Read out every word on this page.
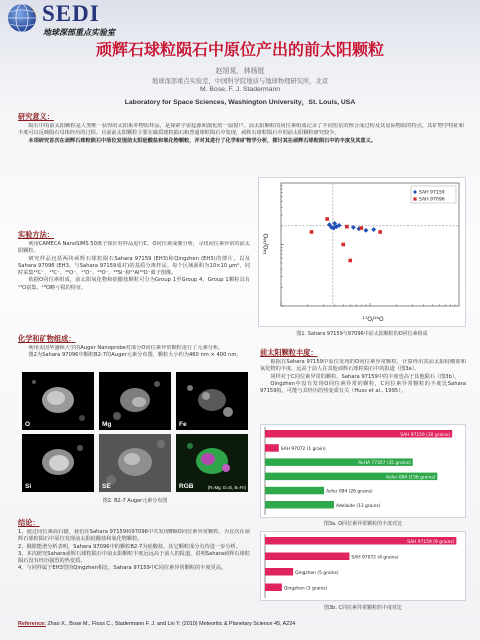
SEDI
地球深部重点实验室
顽辉石球粒陨石中原位产出的前太阳颗粒
赵旭晁，林杨挺
地球深部重点实验室，中国科学院地质与地球物理研究所，北京
M. Bose, F. J. Stadermann
Laboratory for Space Sciences, Washington University，St. Louis, USA
研究意义：

陨石中的前太阳颗粒是人类唯一获得的太阳系外物质样品，是探索宇宙起源和演化的一扇窗户。前太阳颗粒的同位素组成记录了不同恒星的核合成过程及其星际物质的特点，其矿物学特征和丰度可以反映陨石母体经历的过程。目前前太阳颗粒主要在碳质球粒陨石和普通球粒陨石中发现，顽辉石球粒陨石中的前太阳颗粒研究较少。

本项研究首次在顽辉石球粒陨石中原位发现前太阳硅酸盐和氧化物颗粒，并对其进行了化学和矿物学分析，探讨其在顽辉石球粒陨石中的丰度及其意义。

实验方法：

利用CAMECA NanoSIMS 50离子探针对样品进行C、O同位素成像分析，寻找同位素异常的前太阳颗粒。

研究样品包括两块顽辉石球粒陨石Sahara 97159 (EH3)和Qingzhen (EH3)的薄片，以及Sahara 97096 (EH3，与Sahara 97159成对)的基质分离样品。每个区域面积为10×10 μm²，同时采集¹²C⁻、¹³C⁻、¹⁶O⁻、¹⁷O⁻、¹⁸O⁻、²⁸Si⁻和²⁷Al¹⁶O⁻离子图像。

依据O同位素组成，前太阳氧化物和硅酸盐颗粒可分为Group 1至Group 4，Group 1颗粒具有¹⁷O富集、¹⁸O略亏损的特征。

¹⁷O/¹⁶O
¹⁸O/¹⁶O
SAH 97159
SAH 97096
图1. Sahara 97159与97096中前太阳颗粒的O同位素组成
化学和矿物组成：

利用美国华盛顿大学的Auger Nanoprobe对部分O同位素异常颗粒进行了元素分析。

图2为Sahara 97096中颗粒B2-7的Auger元素分布图，颗粒大小约为460 nm × 400 nm。

O	Mg	Fe
Si	SE	RGB	(R=Mg, G=Si, B=Fe)
图2. B2-7 Auger元素分布图
结论：

1、通过同位素面扫描，我们在Sahara 97159和97096中共发现8颗O同位素异常颗粒，为首次在顽辉石球粒陨石中原位发现前太阳硅酸盐和氧化物颗粒。

2、俄歇能谱分析表明，Sahara 97096中的颗粒B2-7为硅酸盐，其它颗粒成分有待进一步分析。

3、本次研究Sahara顽辉石球粒陨石中前太阳颗粒丰度远远高于前人的报道，说明Sahara顽辉石球粒陨石没有经历强烈的热变质。

4、与同样属于EH3型的Qingzhen相比，Sahara 97159中C同位素异常颗粒的丰度更高。

前太阳颗粒丰度：

根据在Sahara 97159中原位发现的O同位素异常颗粒，计算得出其前太阳硅酸盐和氧化物的丰度，远高于前人在其他顽辉石球粒陨石中的报道（图3a）。

同样对于C同位素异常的颗粒，Sahara 97159中的丰度也高于其他陨石（图3b）。

Qingzhen中没有发现O同位素异常的颗粒，C同位素异常颗粒的丰度比Sahara 97159低，可能与其经历的热变质有关（Huss et al., 1995）。

SAH 97159 (30 grains)
SAH 97072 (1 grain)
ALHA 77307 (35 grains)
Acfer 094 (156 grains)
Acfer 094 (26 grains)
Adelaide (13 grains)
图3a. O同位素异常颗粒的丰度对比
SAH 97159 (9 grains)
SAH 97072 (4 grains)
Qingzhen (5 grains)
Qingzhen (3 grains)
图3b. C同位素异常颗粒的丰度对比
Reference: Zhao X., Bose M., Floss C., Stadermann F. J. and Lin Y. (2010) Meteoritic & Planetary Science 45, A224
